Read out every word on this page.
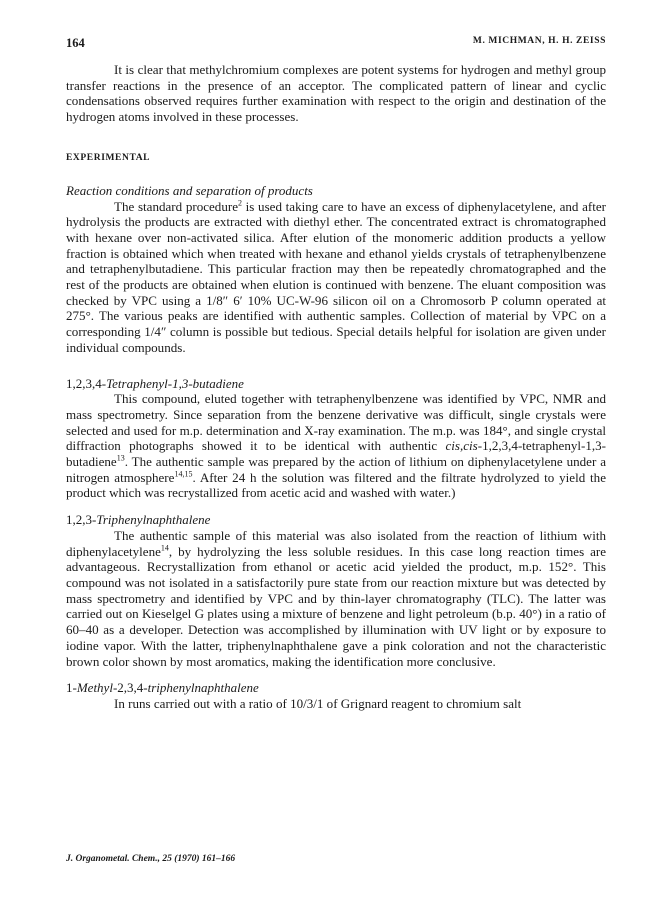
164	M. MICHMAN, H. H. ZEISS

It is clear that methylchromium complexes are potent systems for hydrogen and methyl group transfer reactions in the presence of an acceptor. The complicated pattern of linear and cyclic condensations observed requires further examination with respect to the origin and destination of the hydrogen atoms involved in these processes.

EXPERIMENTAL
Reaction conditions and separation of products

The standard procedure$^2$ is used taking care to have an excess of diphenylacetylene, and after hydrolysis the products are extracted with diethyl ether. The concentrated extract is chromatographed with hexane over non-activated silica. After elution of the monomeric addition products a yellow fraction is obtained which when treated with hexane and ethanol yields crystals of tetraphenylbenzene and tetraphenylbutadiene. This particular fraction may then be repeatedly chromatographed and the rest of the products are obtained when elution is continued with benzene. The eluant composition was checked by VPC using a 1/8″ 6′ 10% UC-W-96 silicon oil on a Chromosorb P column operated at 275°. The various peaks are identified with authentic samples. Collection of material by VPC on a corresponding 1/4″ column is possible but tedious. Special details helpful for isolation are given under individual compounds.

1,2,3,4-Tetraphenyl-1,3-butadiene

This compound, eluted together with tetraphenylbenzene was identified by VPC, NMR and mass spectrometry. Since separation from the benzene derivative was difficult, single crystals were selected and used for m.p. determination and X-ray examination. The m.p. was 184°, and single crystal diffraction photographs showed it to be identical with authentic cis,cis-1,2,3,4-tetraphenyl-1,3-butadiene$^{13}$. The authentic sample was prepared by the action of lithium on diphenylacetylene under a nitrogen atmosphere$^{14,15}$. After 24 h the solution was filtered and the filtrate hydrolyzed to yield the product which was recrystallized from acetic acid and washed with water.)

1,2,3-Triphenylnaphthalene

The authentic sample of this material was also isolated from the reaction of lithium with diphenylacetylene$^{14}$, by hydrolyzing the less soluble residues. In this case long reaction times are advantageous. Recrystallization from ethanol or acetic acid yielded the product, m.p. 152°. This compound was not isolated in a satisfactorily pure state from our reaction mixture but was detected by mass spectrometry and identified by VPC and by thin-layer chromatography (TLC). The latter was carried out on Kieselgel G plates using a mixture of benzene and light petroleum (b.p. 40°) in a ratio of 60–40 as a developer. Detection was accomplished by illumination with UV light or by exposure to iodine vapor. With the latter, triphenylnaphthalene gave a pink coloration and not the characteristic brown color shown by most aromatics, making the identification more conclusive.

1-Methyl-2,3,4-triphenylnaphthalene

In runs carried out with a ratio of 10/3/1 of Grignard reagent to chromium salt

J. Organometal. Chem., 25 (1970) 161–166
